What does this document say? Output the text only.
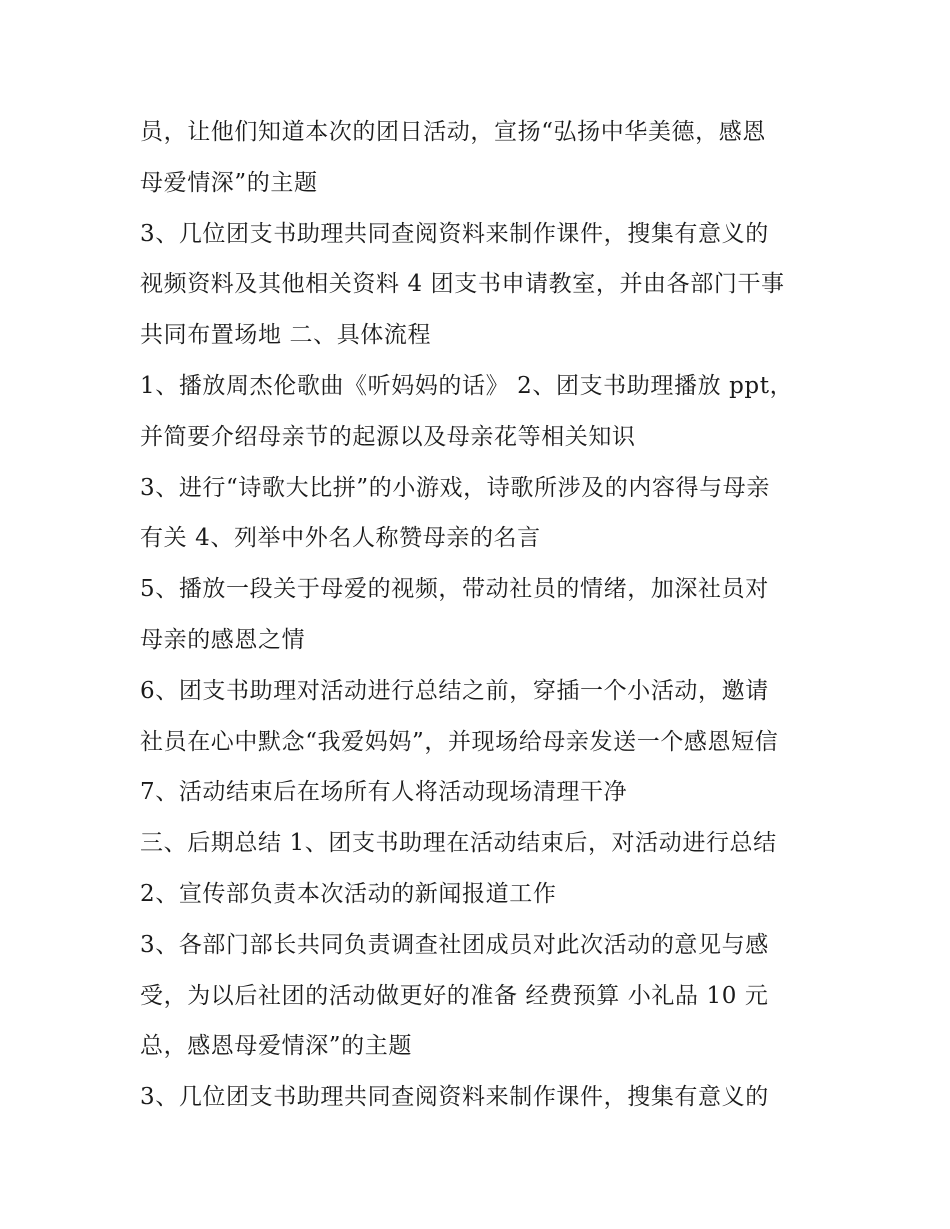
员，让他们知道本次的团日活动，宣扬“弘扬中华美德，感恩
母爱情深”的主题
3、几位团支书助理共同查阅资料来制作课件，搜集有意义的
视频资料及其他相关资料 4 团支书申请教室，并由各部门干事
共同布置场地 二、具体流程
1、播放周杰伦歌曲《听妈妈的话》 2、团支书助理播放 ppt，
并简要介绍母亲节的起源以及母亲花等相关知识
3、进行“诗歌大比拼”的小游戏，诗歌所涉及的内容得与母亲
有关 4、列举中外名人称赞母亲的名言
5、播放一段关于母爱的视频，带动社员的情绪，加深社员对
母亲的感恩之情
6、团支书助理对活动进行总结之前，穿插一个小活动，邀请
社员在心中默念“我爱妈妈”，并现场给母亲发送一个感恩短信
7、活动结束后在场所有人将活动现场清理干净
三、后期总结 1、团支书助理在活动结束后，对活动进行总结
2、宣传部负责本次活动的新闻报道工作
3、各部门部长共同负责调查社团成员对此次活动的意见与感
受，为以后社团的活动做更好的准备 经费预算 小礼品 10 元
总，感恩母爱情深”的主题
3、几位团支书助理共同查阅资料来制作课件，搜集有意义的
